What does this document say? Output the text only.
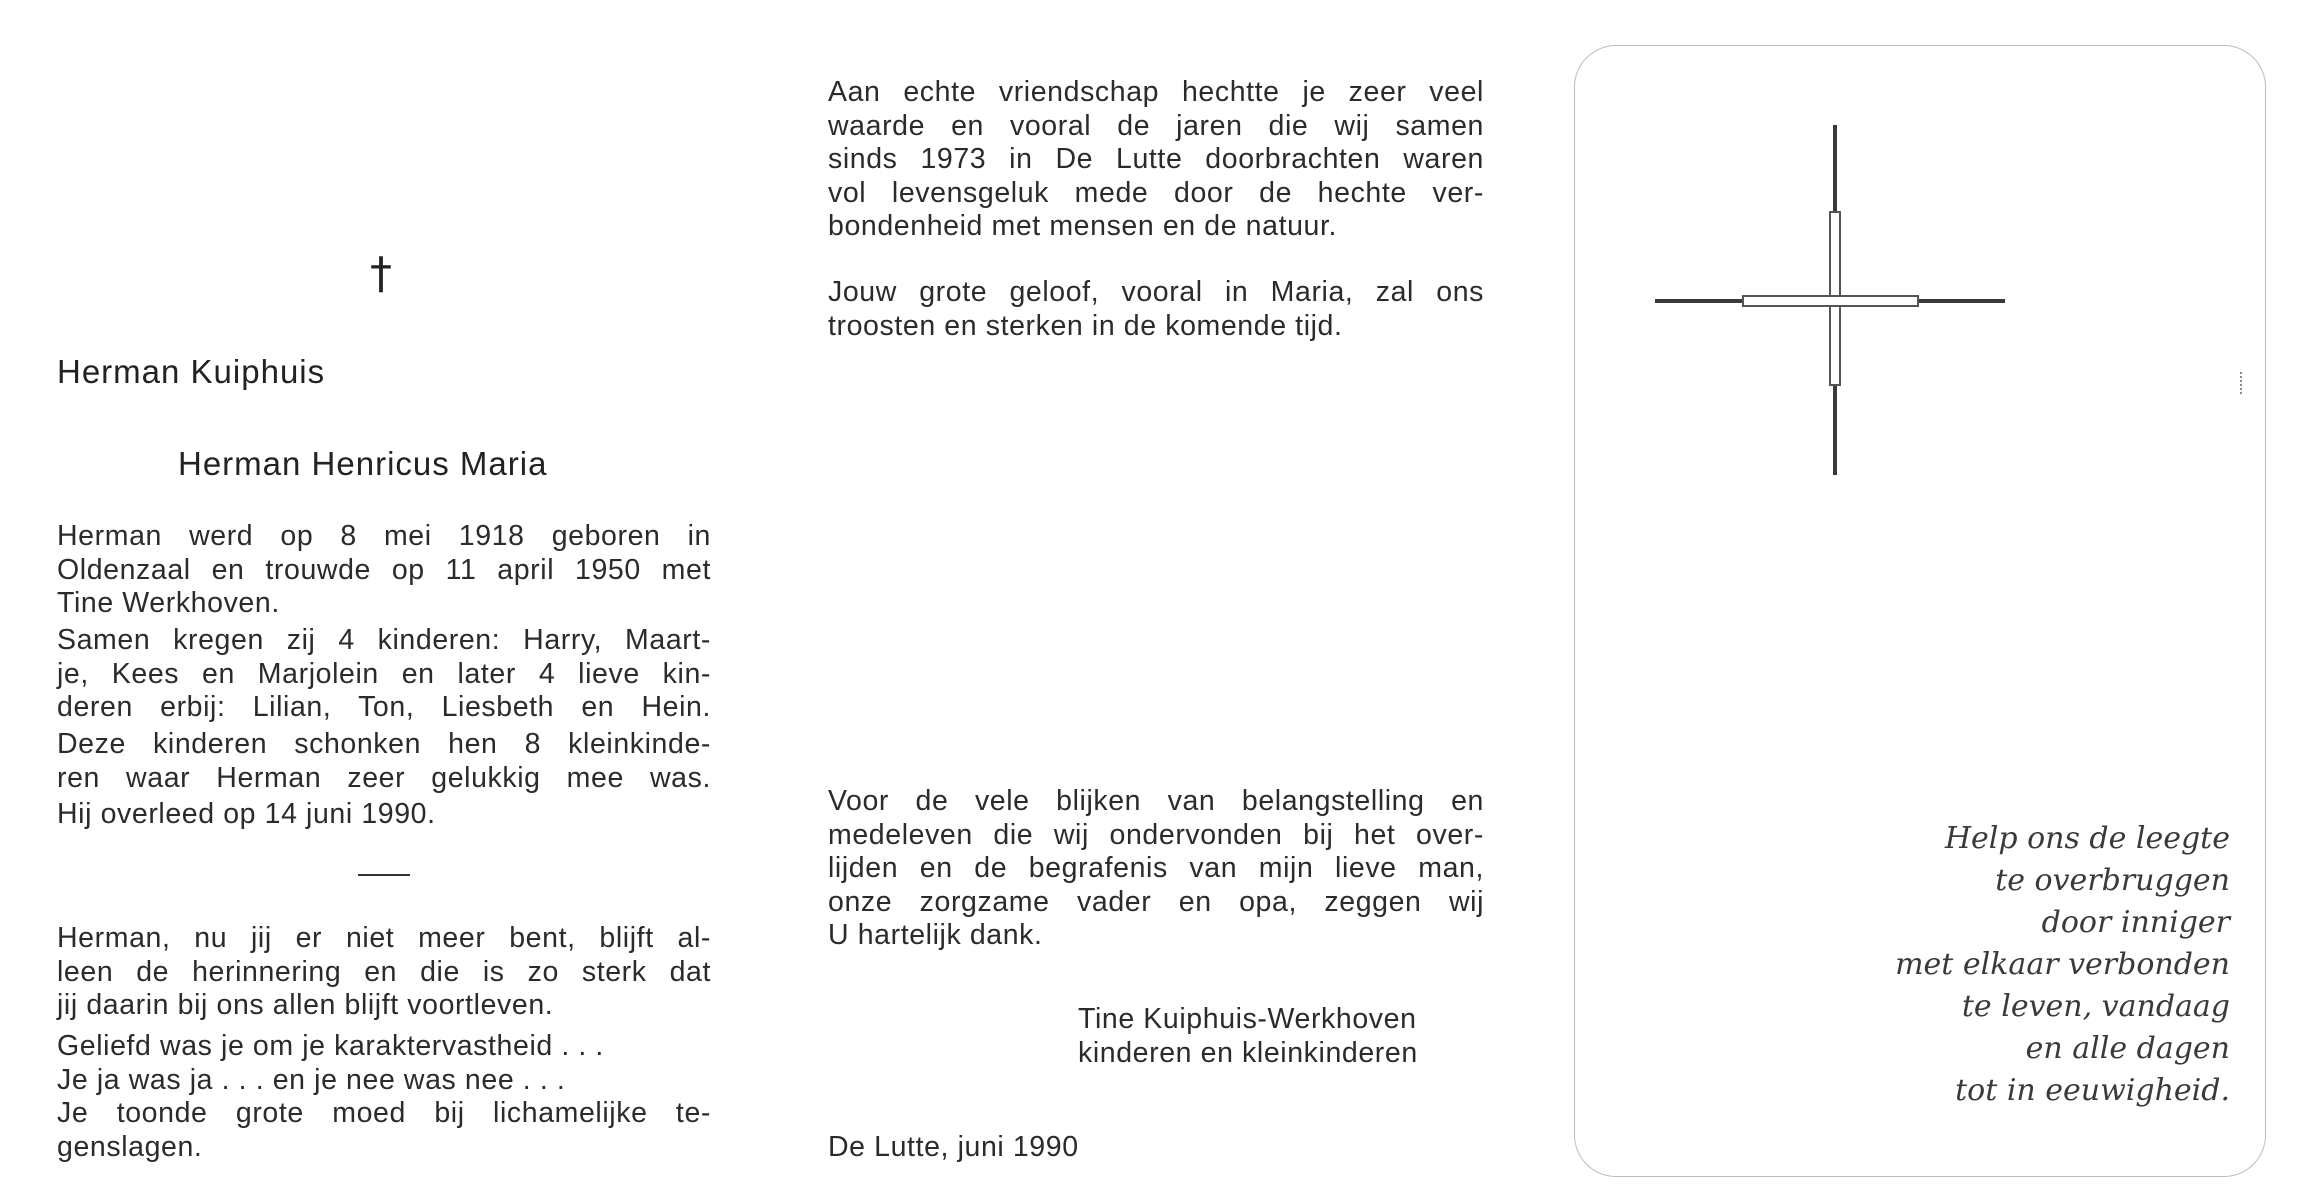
†
Herman Kuiphuis
Herman Henricus Maria
Herman werd op 8 mei 1918 geboren in
Oldenzaal en trouwde op 11 april 1950 met
Tine Werkhoven.
Samen kregen zij 4 kinderen: Harry, Maart-
je, Kees en Marjolein en later 4 lieve kin-
deren erbij: Lilian, Ton, Liesbeth en Hein.
Deze kinderen schonken hen 8 kleinkinde-
ren waar Herman zeer gelukkig mee was.
Hij overleed op 14 juni 1990.
Herman, nu jij er niet meer bent, blijft al-
leen de herinnering en die is zo sterk dat
jij daarin bij ons allen blijft voortleven.
Geliefd was je om je karaktervastheid . . .
Je ja was ja . . . en je nee was nee . . .
Je toonde grote moed bij lichamelijke te-
genslagen.
Aan echte vriendschap hechtte je zeer veel
waarde en vooral de jaren die wij samen
sinds 1973 in De Lutte doorbrachten waren
vol levensgeluk mede door de hechte ver-
bondenheid met mensen en de natuur.
Jouw grote geloof, vooral in Maria, zal ons
troosten en sterken in de komende tijd.
Voor de vele blijken van belangstelling en
medeleven die wij ondervonden bij het over-
lijden en de begrafenis van mijn lieve man,
onze zorgzame vader en opa, zeggen wij
U hartelijk dank.
Tine Kuiphuis-Werkhoven
kinderen en kleinkinderen
De Lutte, juni 1990
Help ons de leegte
te overbruggen
door inniger
met elkaar verbonden
te leven, vandaag
en alle dagen
tot in eeuwigheid.
